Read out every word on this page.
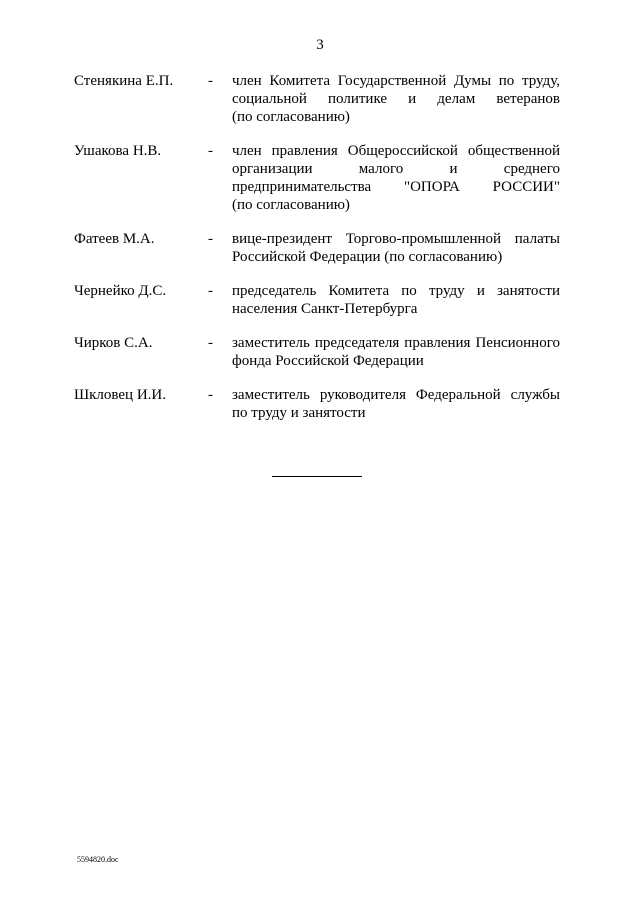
3
Стенякина Е.П.	-	член Комитета Государственной Думы по труду,
социальной политике и делам ветеранов
(по согласованию)
Ушакова Н.В.	-	член правления Общероссийской общественной
организации малого и среднего
предпринимательства "ОПОРА РОССИИ"
(по согласованию)
Фатеев М.А.	-	вице-президент Торгово-промышленной палаты
Российской Федерации (по согласованию)
Чернейко Д.С.	-	председатель Комитета по труду и занятости
населения Санкт-Петербурга
Чирков С.А.	-	заместитель председателя правления Пенсионного
фонда Российской Федерации
Шкловец И.И.	-	заместитель руководителя Федеральной службы
по труду и занятости
5594820.doc
